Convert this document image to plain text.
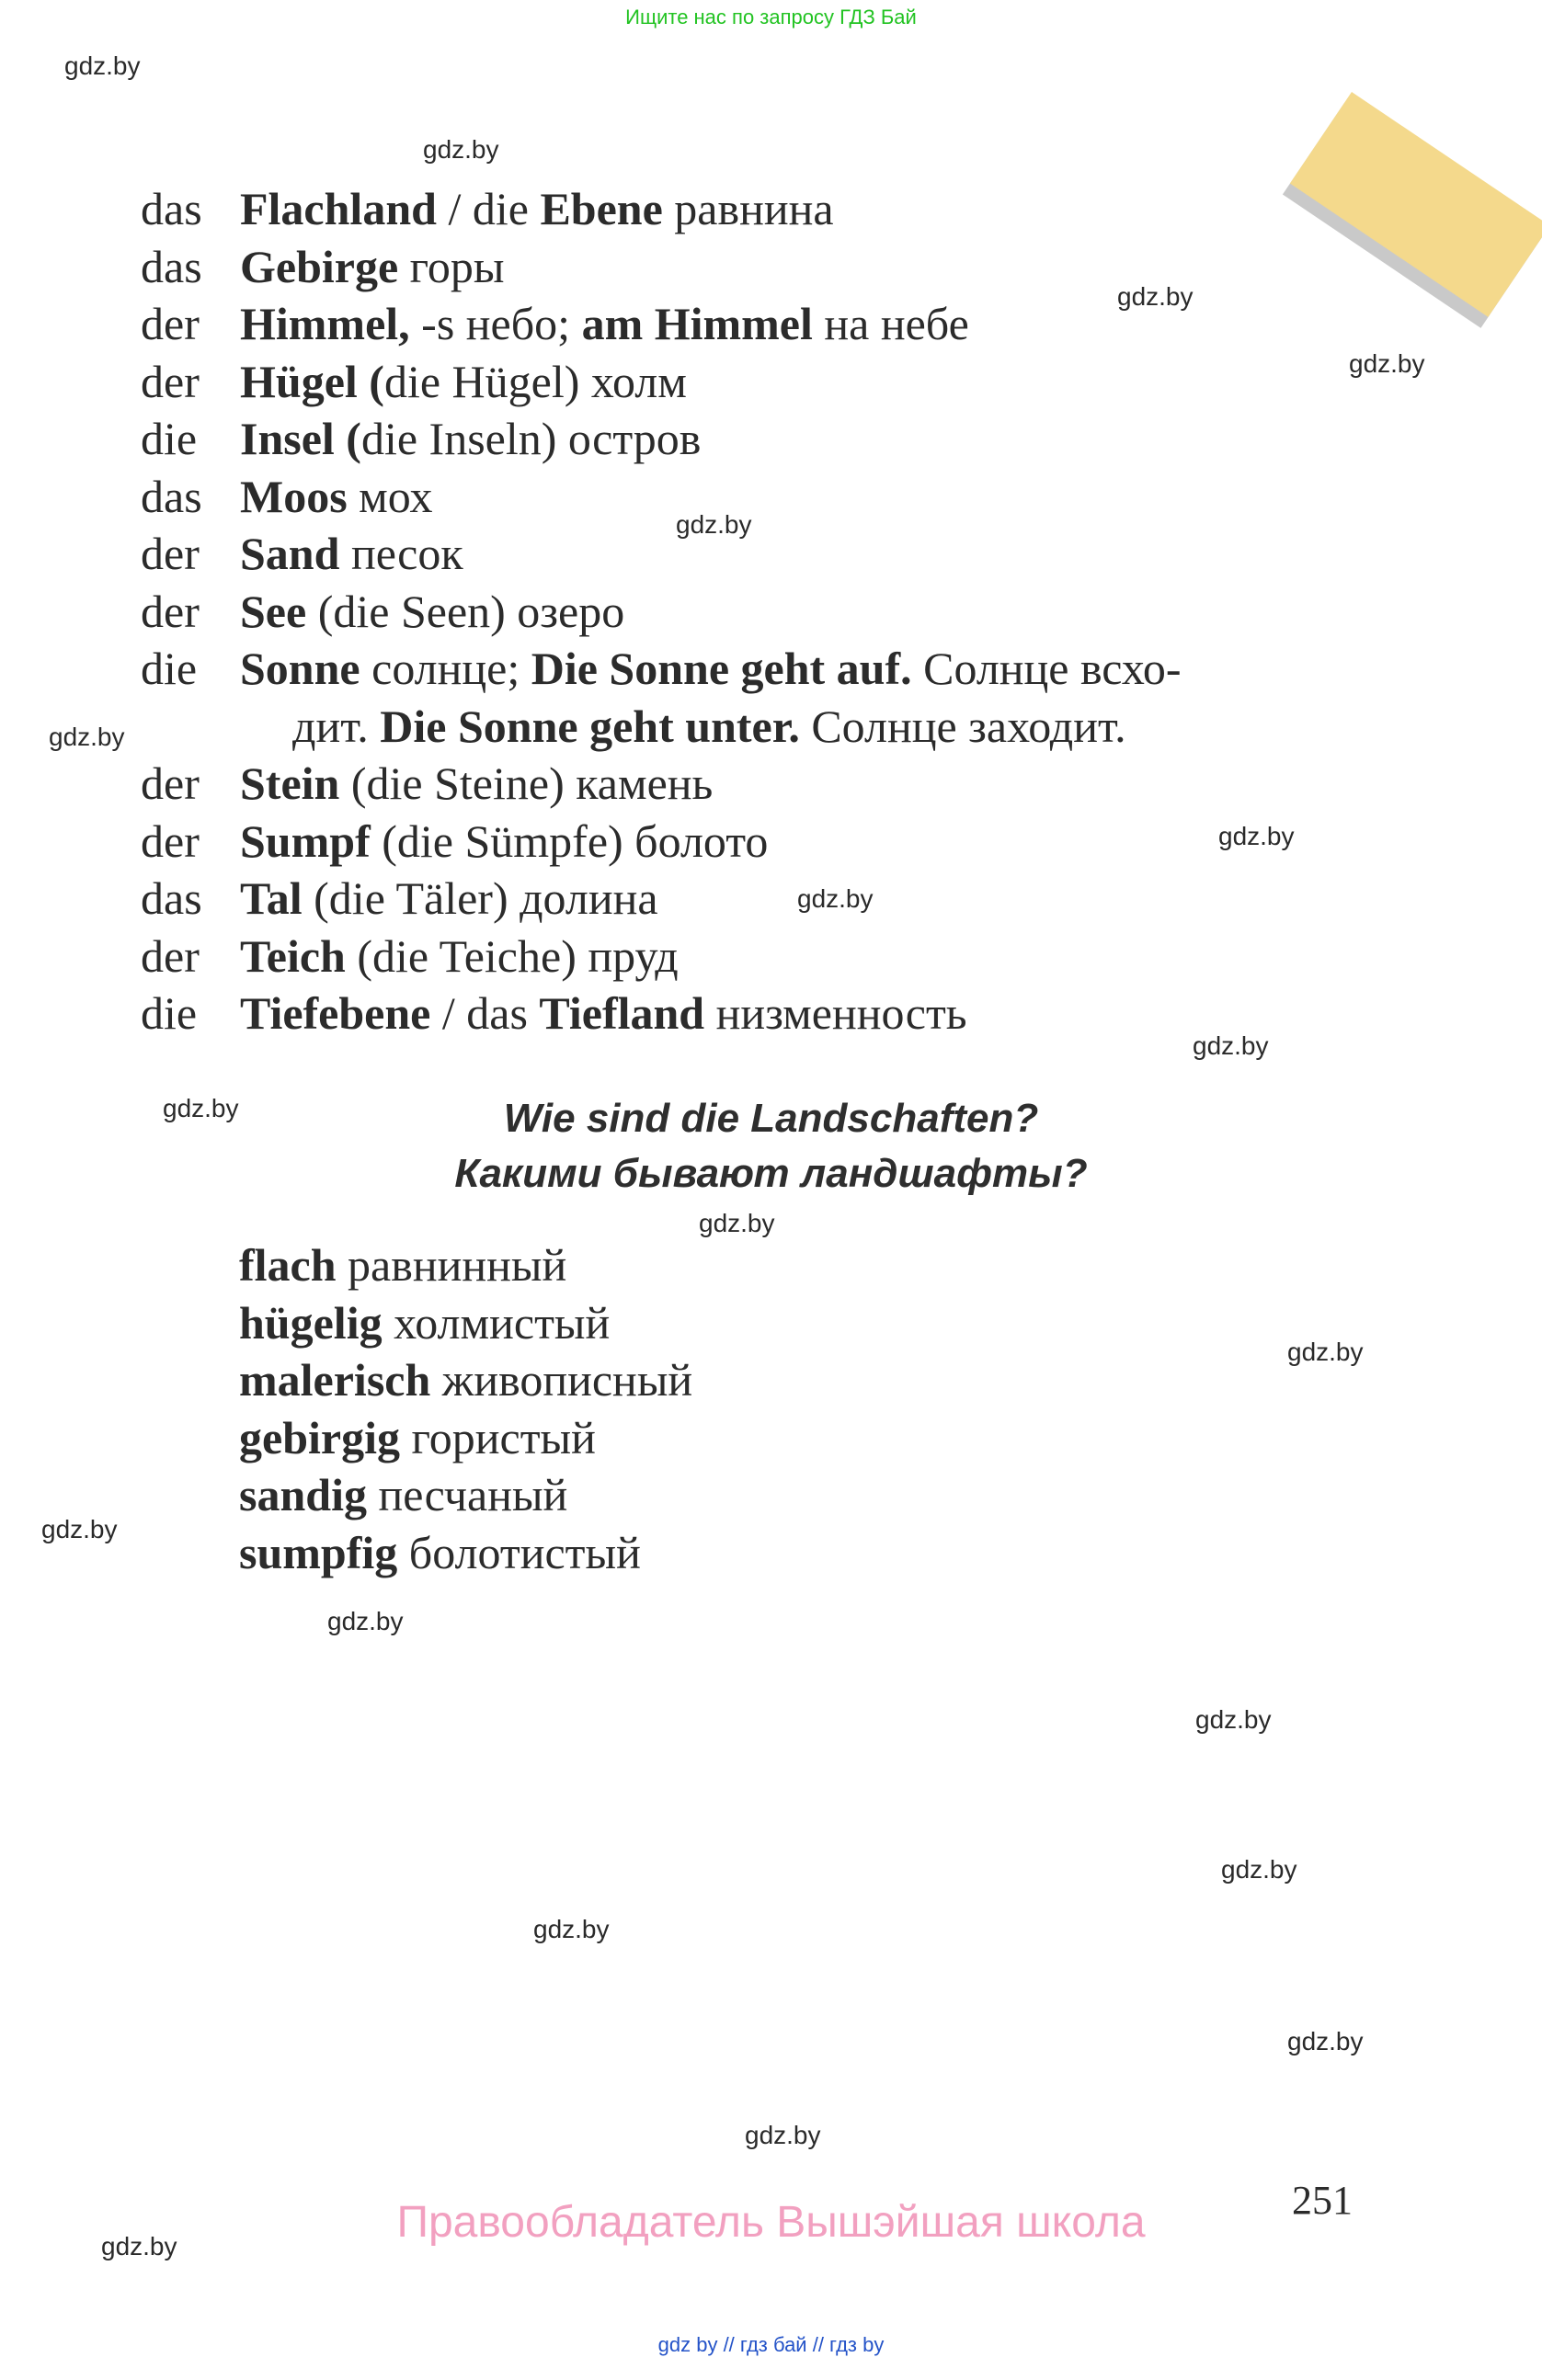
Ищите нас по запросу ГДЗ Бай
gdz.by
gdz.by
gdz.by
gdz.by
gdz.by
gdz.by
gdz.by
gdz.by
gdz.by
gdz.by
gdz.by
gdz.by
gdz.by
gdz.by
gdz.by
gdz.by
gdz.by
gdz.by
gdz.by
gdz.by
das Flachland / die Ebene равнина
das Gebirge горы
der Himmel, -s небо; am Himmel на небе
der Hügel (die Hügel) холм
die Insel (die Inseln) остров
das Moos мох
der Sand песок
der See (die Seen) озеро
die Sonne солнце; Die Sonne geht auf. Солнце всхо-
дит. Die Sonne geht unter. Солнце заходит.
der Stein (die Steine) камень
der Sumpf (die Sümpfe) болото
das Tal (die Täler) долина
der Teich (die Teiche) пруд
die Tiefebene / das Tiefland низменность
Wie sind die Landschaften?
Какими бывают ландшафты?
flach равнинный
hügelig холмистый
malerisch живописный
gebirgig гористый
sandig песчаный
sumpfig болотистый
251
Правообладатель Вышэйшая школа
gdz by // гдз бай // гдз by
